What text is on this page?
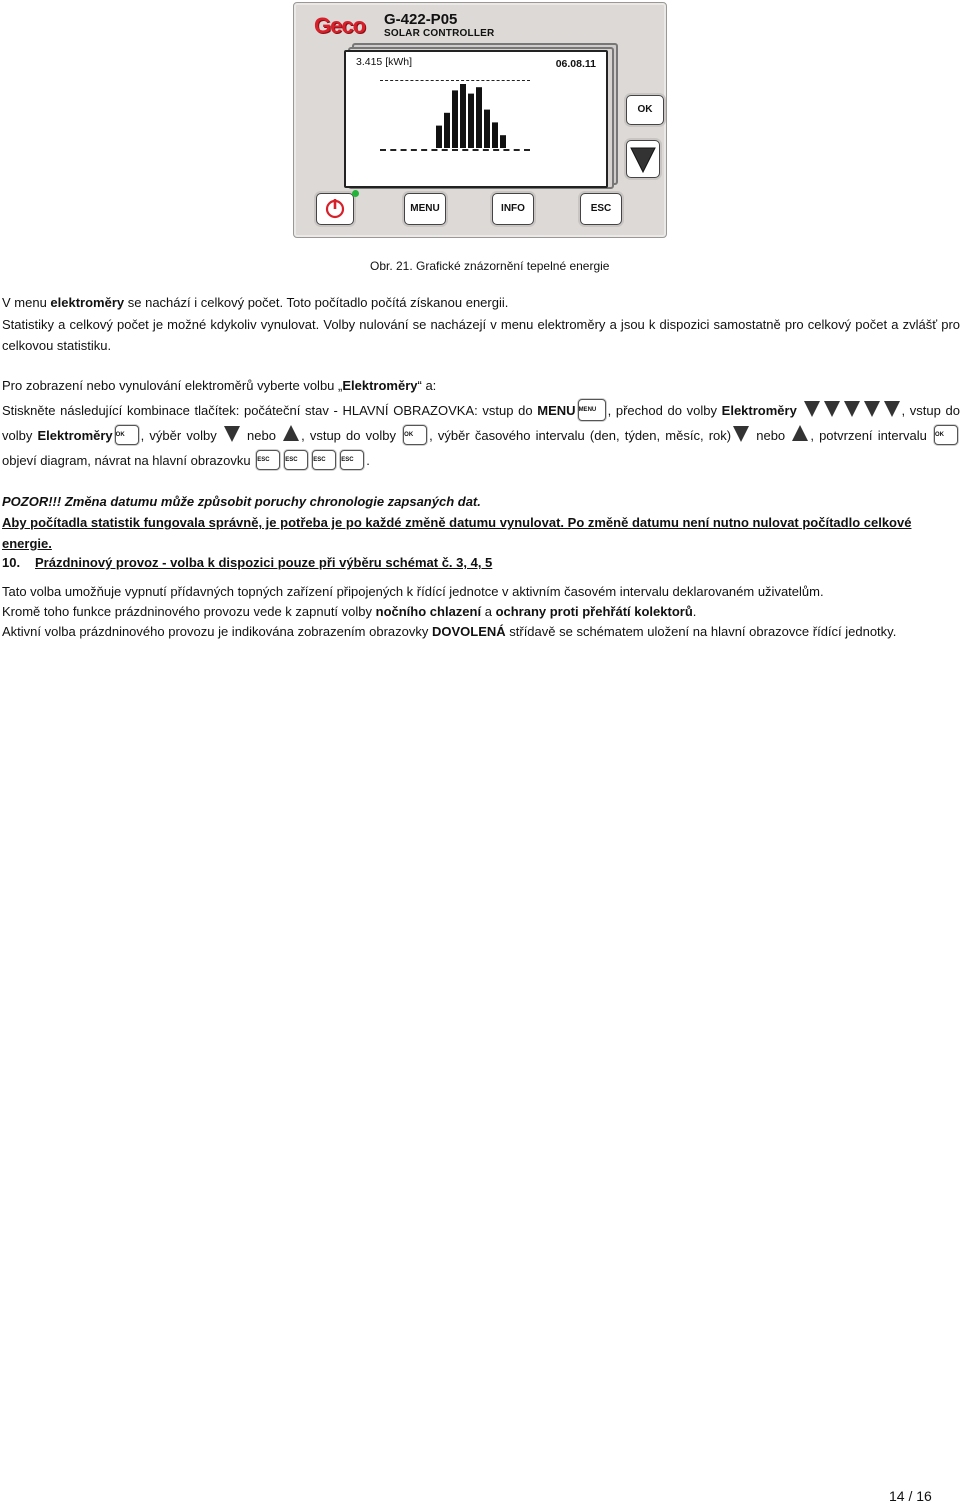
Geco G-422-P05
SOLAR CONTROLLER
3.415 [kWh]	06.08.11
OK
MENU	INFO	ESC
Obr. 21. Grafické znázornění tepelné energie
V menu elektroměry se nachází i celkový počet. Toto počítadlo počítá získanou energii.
Statistiky a celkový počet je možné kdykoliv vynulovat. Volby nulování se nacházejí v menu elektroměry a jsou k dispozici samostatně pro celkový počet a zvlášť pro celkovou statistiku.
Pro zobrazení nebo vynulování elektroměrů vyberte volbu „Elektroměry“ a:
Stiskněte následující kombinace tlačítek: počáteční stav - HLAVNÍ OBRAZOVKA: vstup do MENU MENU , přechod do volby Elektroměry	, vstup do volby Elektroměry OK , výběr volby  nebo , vstup do volby OK , výběr časového intervalu (den, týden, měsíc, rok) nebo , potvrzení intervalu OK objeví diagram, návrat na hlavní obrazovku ESC	ESC	ESC	ESC .
POZOR!!! Změna datumu může způsobit poruchy chronologie zapsaných dat.
Aby počítadla statistik fungovala správně, je potřeba je po každé změně datumu vynulovat. Po změně datumu není nutno nulovat počítadlo celkové energie.
10. Prázdninový provoz - volba k dispozici pouze při výběru schémat č. 3, 4, 5
Tato volba umožňuje vypnutí přídavných topných zařízení připojených k řídící jednotce v aktivním časovém intervalu deklarovaném uživatelům.
Kromě toho funkce prázdninového provozu vede k zapnutí volby nočního chlazení a ochrany proti přehřátí kolektorů.
Aktivní volba prázdninového provozu je indikována zobrazením obrazovky DOVOLENÁ střídavě se schématem uložení na hlavní obrazovce řídící jednotky.
14 / 16
